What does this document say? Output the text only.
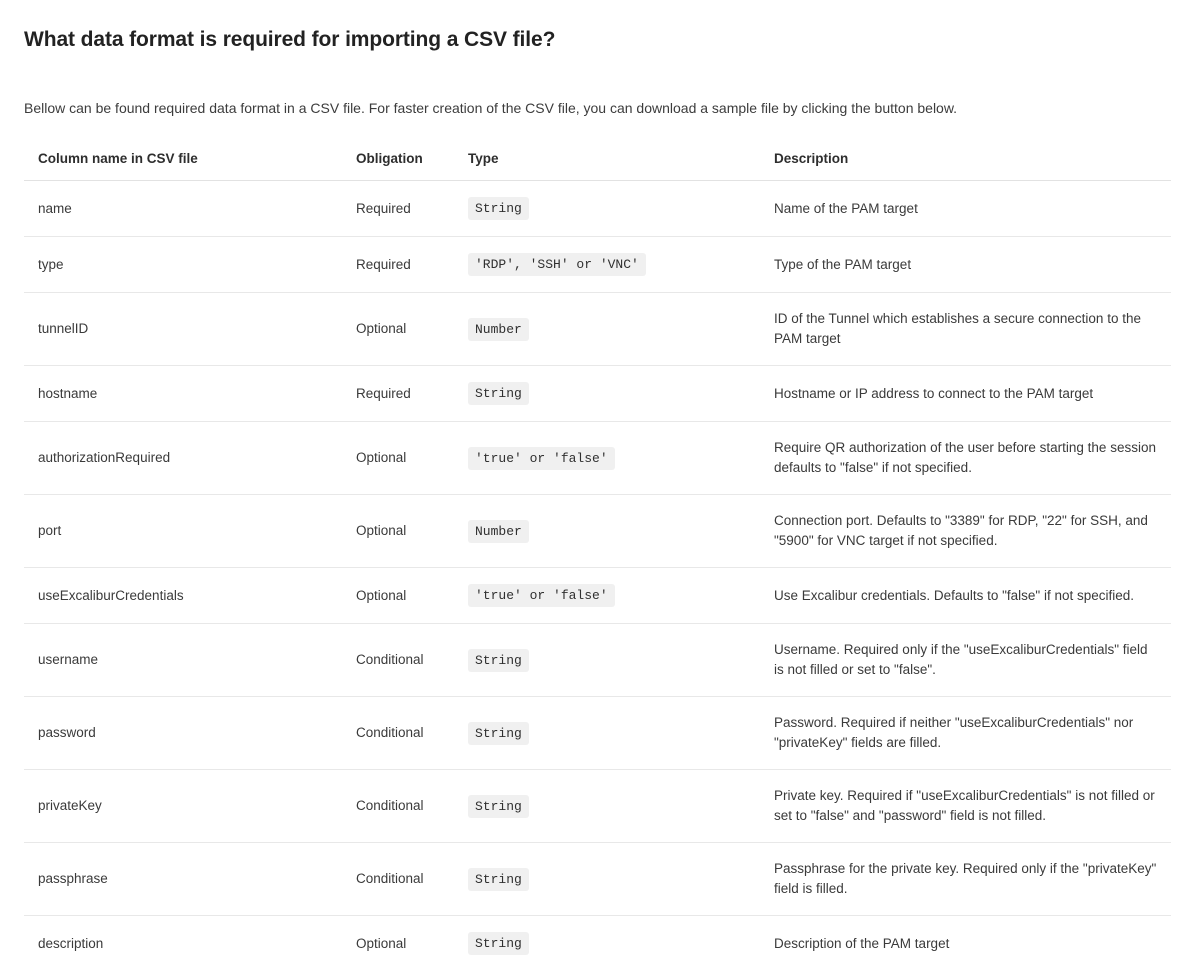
What data format is required for importing a CSV file?

Bellow can be found required data format in a CSV file. For faster creation of the CSV file, you can download a sample file by clicking the button below.

Column name in CSV file	Obligation	Type	Description
name	Required	String	Name of the PAM target
type	Required	'RDP', 'SSH' or 'VNC'	Type of the PAM target
tunnelID	Optional	Number	ID of the Tunnel which establishes a secure connection to the PAM target
hostname	Required	String	Hostname or IP address to connect to the PAM target
authorizationRequired	Optional	'true' or 'false'	Require QR authorization of the user before starting the session defaults to "false" if not specified.
port	Optional	Number	Connection port. Defaults to "3389" for RDP, "22" for SSH, and "5900" for VNC target if not specified.
useExcaliburCredentials	Optional	'true' or 'false'	Use Excalibur credentials. Defaults to "false" if not specified.
username	Conditional	String	Username. Required only if the "useExcaliburCredentials" field is not filled or set to "false".
password	Conditional	String	Password. Required if neither "useExcaliburCredentials" nor "privateKey" fields are filled.
privateKey	Conditional	String	Private key. Required if "useExcaliburCredentials" is not filled or set to "false" and "password" field is not filled.
passphrase	Conditional	String	Passphrase for the private key. Required only if the "privateKey" field is filled.
description	Optional	String	Description of the PAM target
